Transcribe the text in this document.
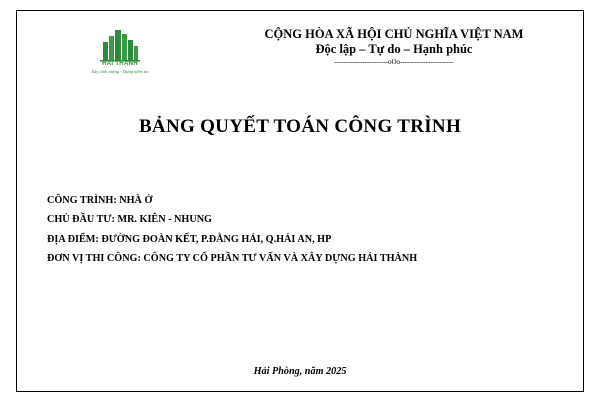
HAI THANH
Xây chất lượng - Dựng niềm tin
CỘNG HÒA XÃ HỘI CHỦ NGHĨA VIỆT NAM
Độc lập – Tự do – Hạnh phúc
-----------------------oOo-----------------------
BẢNG QUYẾT TOÁN CÔNG TRÌNH
CÔNG TRÌNH: NHÀ Ở
CHỦ ĐẦU TƯ: MR. KIÊN - NHUNG
ĐỊA ĐIỂM: ĐƯỜNG ĐOÀN KẾT, P.ĐẰNG HẢI, Q.HẢI AN, HP
ĐƠN VỊ THI CÔNG: CÔNG TY CỔ PHẦN TƯ VẤN VÀ XÂY DỰNG HẢI THÀNH
Hải Phòng, năm 2025
